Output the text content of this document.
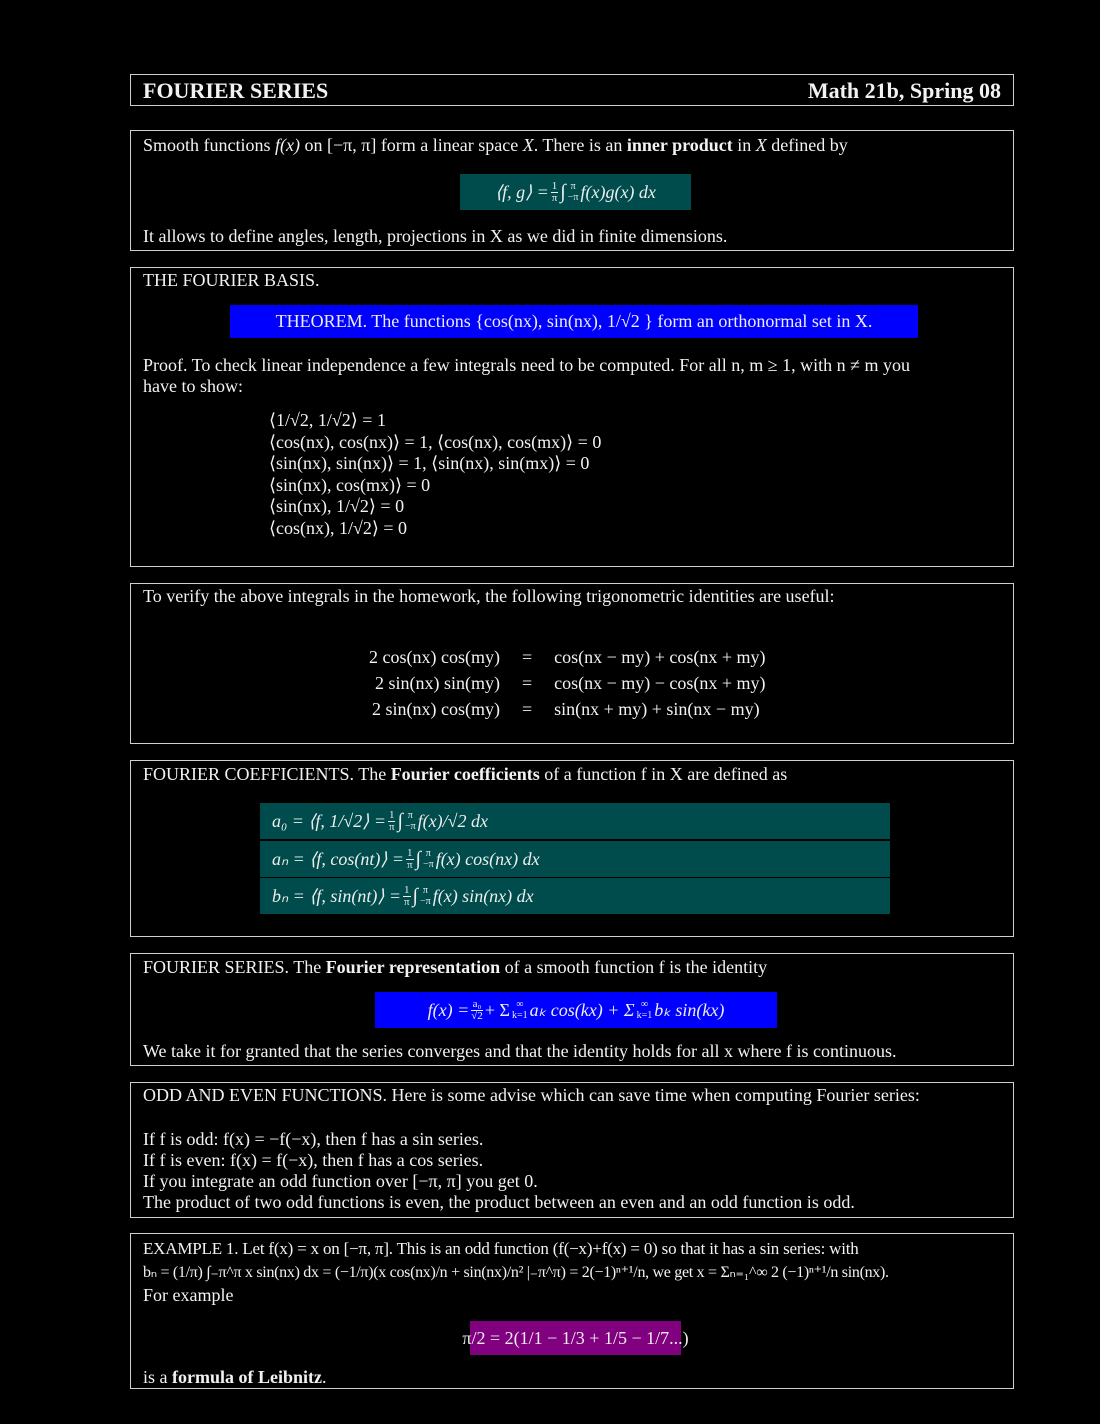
FOURIER SERIES	Math 21b, Spring 08
Smooth functions f(x) on [−π, π] form a linear space X. There is an inner product in X defined by
⟨f, g⟩ = $\frac{1}{\pi}$ ∫ π
−π f(x)g(x) dx
It allows to define angles, length, projections in X as we did in finite dimensions.
THE FOURIER BASIS.
THEOREM. The functions {cos(nx), sin(nx), 1/√2 } form an orthonormal set in X.
Proof. To check linear independence a few integrals need to be computed. For all n, m ≥ 1, with n ≠ m you
have to show:
⟨1/√2, 1/√2⟩ = 1
⟨cos(nx), cos(nx)⟩ = 1, ⟨cos(nx), cos(mx)⟩ = 0
⟨sin(nx), sin(nx)⟩ = 1, ⟨sin(nx), sin(mx)⟩ = 0
⟨sin(nx), cos(mx)⟩ = 0
⟨sin(nx), 1/√2⟩ = 0
⟨cos(nx), 1/√2⟩ = 0
To verify the above integrals in the homework, the following trigonometric identities are useful:
2 cos(nx) cos(my)	=	cos(nx − my) + cos(nx + my)
2 sin(nx) sin(my)	=	cos(nx − my) − cos(nx + my)
2 sin(nx) cos(my)	=	sin(nx + my) + sin(nx − my)
FOURIER COEFFICIENTS. The Fourier coefficients of a function f in X are defined as
a₀ = ⟨f, 1/√2⟩ = $\frac{1}{\pi}$ ∫ π
−π f(x)/√2 dx
aₙ = ⟨f, cos(nt)⟩ = $\frac{1}{\pi}$ ∫ π
−π f(x) cos(nx) dx
bₙ = ⟨f, sin(nt)⟩ = $\frac{1}{\pi}$ ∫ π
−π f(x) sin(nx) dx
FOURIER SERIES. The Fourier representation of a smooth function f is the identity
$f(x) = \frac{\text{a₀}}{√2} + \Sigma$ ∞
k=1 aₖ cos(kx) + Σ ∞
k=1 bₖ sin(kx)
We take it for granted that the series converges and that the identity holds for all x where f is continuous.
ODD AND EVEN FUNCTIONS. Here is some advise which can save time when computing Fourier series:
If f is odd: f(x) = −f(−x), then f has a sin series.
If f is even: f(x) = f(−x), then f has a cos series.
If you integrate an odd function over [−π, π] you get 0.
The product of two odd functions is even, the product between an even and an odd function is odd.
EXAMPLE 1. Let f(x) = x on [−π, π]. This is an odd function (f(−x)+f(x) = 0) so that it has a sin series: with
bₙ = (1/π) ∫₋π^π x sin(nx) dx = (−1/π)(x cos(nx)/n + sin(nx)/n² |₋π^π) = 2(−1)ⁿ⁺¹/n, we get x = Σₙ₌₁^∞ 2 (−1)ⁿ⁺¹/n sin(nx).
For example
π/2 = 2(1/1 − 1/3 + 1/5 − 1/7...)
is a formula of Leibnitz.
